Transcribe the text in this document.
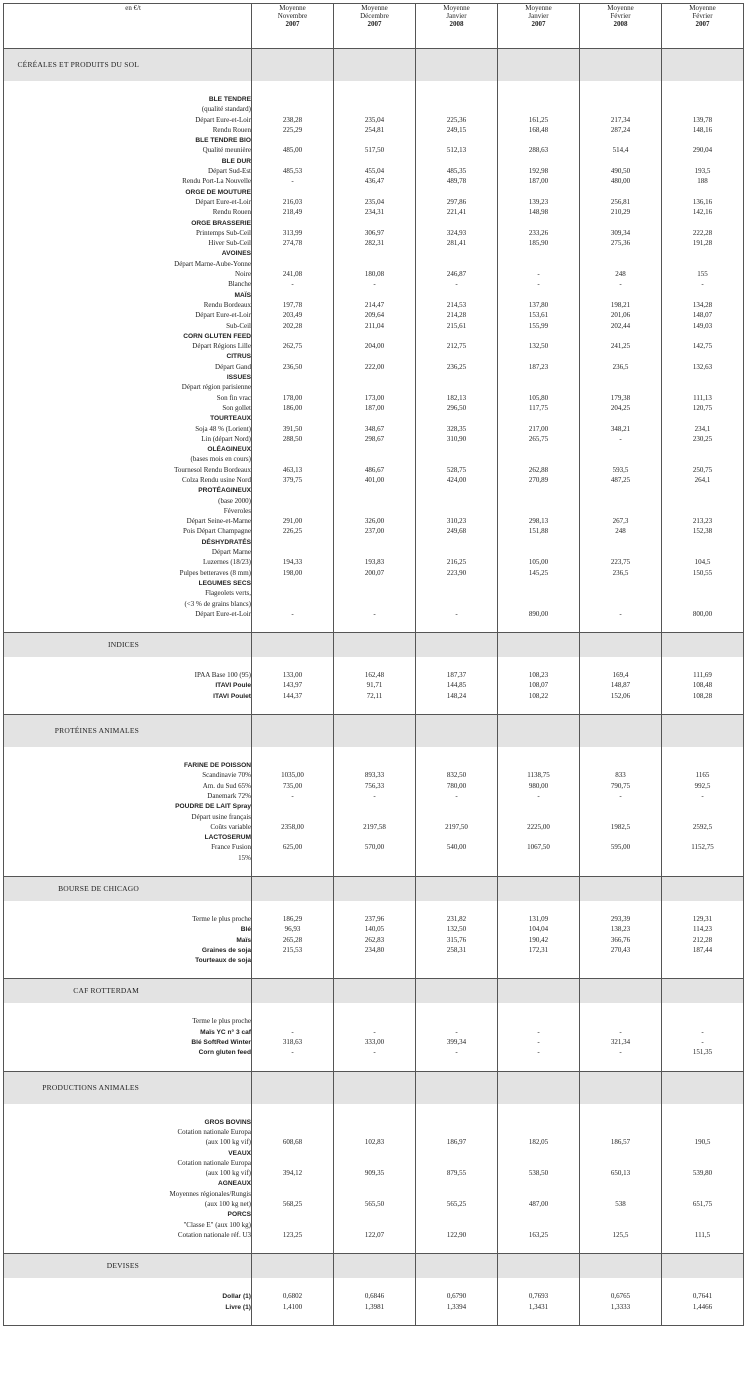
en €/t	Moyenne
Novembre
2007	Moyenne
Décembre
2007	Moyenne
Janvier
2008	Moyenne
Janvier
2007	Moyenne
Février
2008	Moyenne
Février
2007

CÉRÉALES ET PRODUITS DU SOL						

BLE TENDRE						
(qualité standard)						
Départ Eure-et-Loir	238,28	235,04	225,36	161,25	217,34	139,78
Rendu Rouen	225,29	254,81	249,15	168,48	287,24	148,16
BLE TENDRE BIO						
Qualité meunière	485,00	517,50	512,13	288,63	514,4	290,04
BLE DUR						
Départ Sud-Est	485,53	455,04	485,35	192,98	490,50	193,5
Rendu Port-La Nouvelle	-	436,47	489,78	187,00	480,00	188
ORGE DE MOUTURE						
Départ Eure-et-Loir	216,03	235,04	297,86	139,23	256,81	136,16
Rendu Rouen	218,49	234,31	221,41	148,98	210,29	142,16
ORGE BRASSERIE						
Printemps Sub-Ceil	313,99	306,97	324,93	233,26	309,34	222,28
Hiver Sub-Ceil	274,78	282,31	281,41	185,90	275,36	191,28
AVOINES						
Départ Marne-Aube-Yonne						
Noire	241,08	180,08	246,87	-	248	155
Blanche	-	-	-	-	-	-
MAÏS						
Rendu Bordeaux	197,78	214,47	214,53	137,80	198,21	134,28
Départ Eure-et-Loir	203,49	209,64	214,28	153,61	201,06	148,07
Sub-Ceil	202,28	211,04	215,61	155,99	202,44	149,03
CORN GLUTEN FEED						
Départ Régions Lille	262,75	204,00	212,75	132,50	241,25	142,75
CITRUS						
Départ Gand	236,50	222,00	236,25	187,23	236,5	132,63
ISSUES						
Départ région parisienne						
Son fin vrac	178,00	173,00	182,13	105,80	179,38	111,13
Son gollet	186,00	187,00	296,50	117,75	204,25	120,75
TOURTEAUX						
Soja 48 % (Lorient)	391,50	348,67	328,35	217,00	348,21	234,1
Lin (départ Nord)	288,50	298,67	310,90	265,75	-	230,25
OLÉAGINEUX						
(bases mois en cours)						
Tournesol Rendu Bordeaux	463,13	486,67	528,75	262,88	593,5	250,75
Colza Rendu usine Nord	379,75	401,00	424,00	270,89	487,25	264,1
PROTÉAGINEUX						
(base 2000)						
Féveroles						
Départ Seine-et-Marne	291,00	326,00	310,23	298,13	267,3	213,23
Pois Départ Champagne	226,25	237,00	249,68	151,88	248	152,38
DÉSHYDRATÉS						
Départ Marne						
Luzernes (18/23)	194,33	193,83	216,25	105,00	223,75	104,5
Pulpes betteraves (8 mm)	198,00	200,07	223,90	145,25	236,5	150,55
LEGUMES SECS						
Flageolets verts,						
(<3 % de grains blancs)						
Départ Eure-et-Loir	-	-	-	890,00	-	800,00

INDICES						

IPAA Base 100 (95)	133,00	162,48	187,37	108,23	169,4	111,69
ITAVI Poule	143,97	91,71	144,85	108,07	148,87	108,48
ITAVI Poulet	144,37	72,11	148,24	108,22	152,06	108,28

PROTÉINES ANIMALES						

FARINE DE POISSON						
Scandinavie 70%	1035,00	893,33	832,50	1138,75	833	1165
Am. du Sud 65%	735,00	756,33	780,00	980,00	790,75	992,5
Danemark 72%	-	-	-	-	-	-
POUDRE DE LAIT Spray						
Départ usine français						
Coûts variable	2358,00	2197,58	2197,50	2225,00	1982,5	2592,5
LACTOSERUM						
France Fusion	625,00	570,00	540,00	1067,50	595,00	1152,75
15%						

BOURSE DE CHICAGO						

Terme le plus proche	186,29	237,96	231,82	131,09	293,39	129,31
Blé	96,93	140,05	132,50	104,04	138,23	114,23
Maïs	265,28	262,83	315,76	190,42	366,76	212,28
Graines de soja	215,53	234,80	258,31	172,31	270,43	187,44
Tourteaux de soja						

CAF ROTTERDAM						

Terme le plus proche						
Maïs YC n° 3 caf	-	-	-	-	-	-
Blé SoftRed Winter	318,63	333,00	399,34	-	321,34	-
Corn gluten feed	-	-	-	-	-	151,35

PRODUCTIONS ANIMALES						

GROS BOVINS						
Cotation nationale Europa						
(aux 100 kg vif)	608,68	102,83	186,97	182,05	186,57	190,5
VEAUX						
Cotation nationale Europa						
(aux 100 kg vif)	394,12	909,35	879,55	538,50	650,13	539,80
AGNEAUX						
Moyennes régionales/Rungis						
(aux 100 kg net)	568,25	565,50	565,25	487,00	538	651,75
PORCS						
"Classe E" (aux 100 kg)						
Cotation nationale réf. U3	123,25	122,07	122,90	163,25	125,5	111,5

DEVISES						

Dollar (1)	0,6802	0,6846	0,6790	0,7693	0,6765	0,7641
Livre (1)	1,4100	1,3981	1,3394	1,3431	1,3333	1,4466
